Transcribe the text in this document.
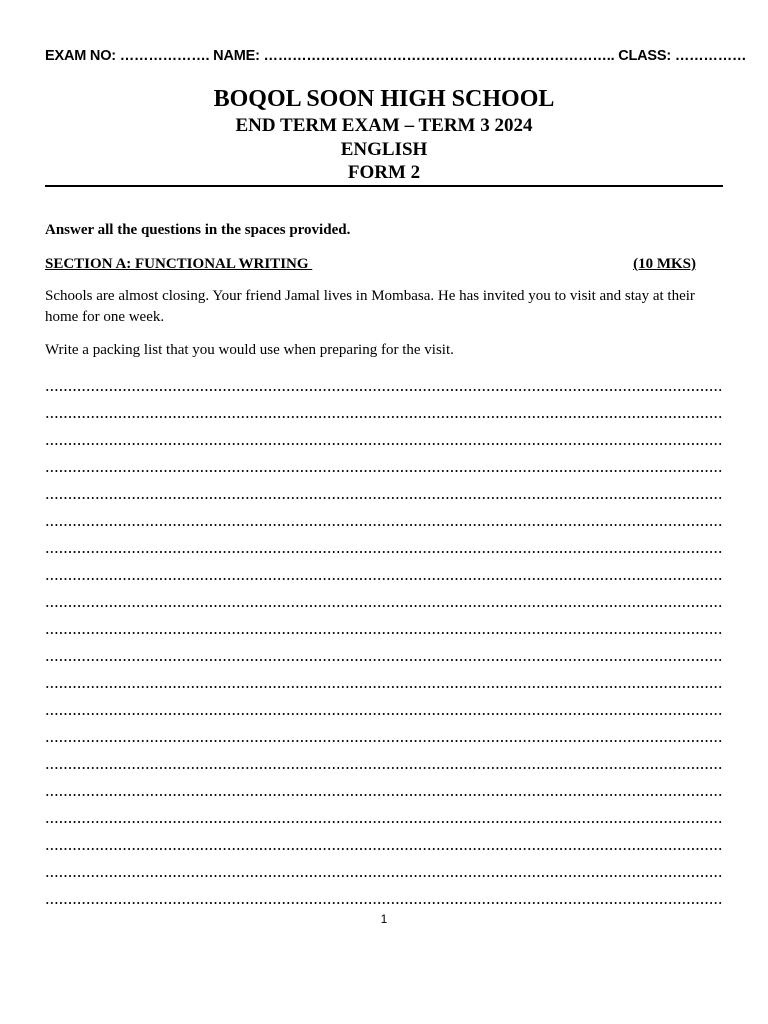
EXAM NO: ………………. NAME: ……………………………………………………………….. CLASS: ……………
BOQOL SOON HIGH SCHOOL
END TERM EXAM – TERM 3 2024
ENGLISH
FORM 2
Answer all the questions in the spaces provided.
SECTION A: FUNCTIONAL WRITING
	(10 MKS)
Schools are almost closing. Your friend Jamal lives in Mombasa. He has invited you to visit and stay at their home for one week.
Write a packing list that you would use when preparing for the visit.
1
